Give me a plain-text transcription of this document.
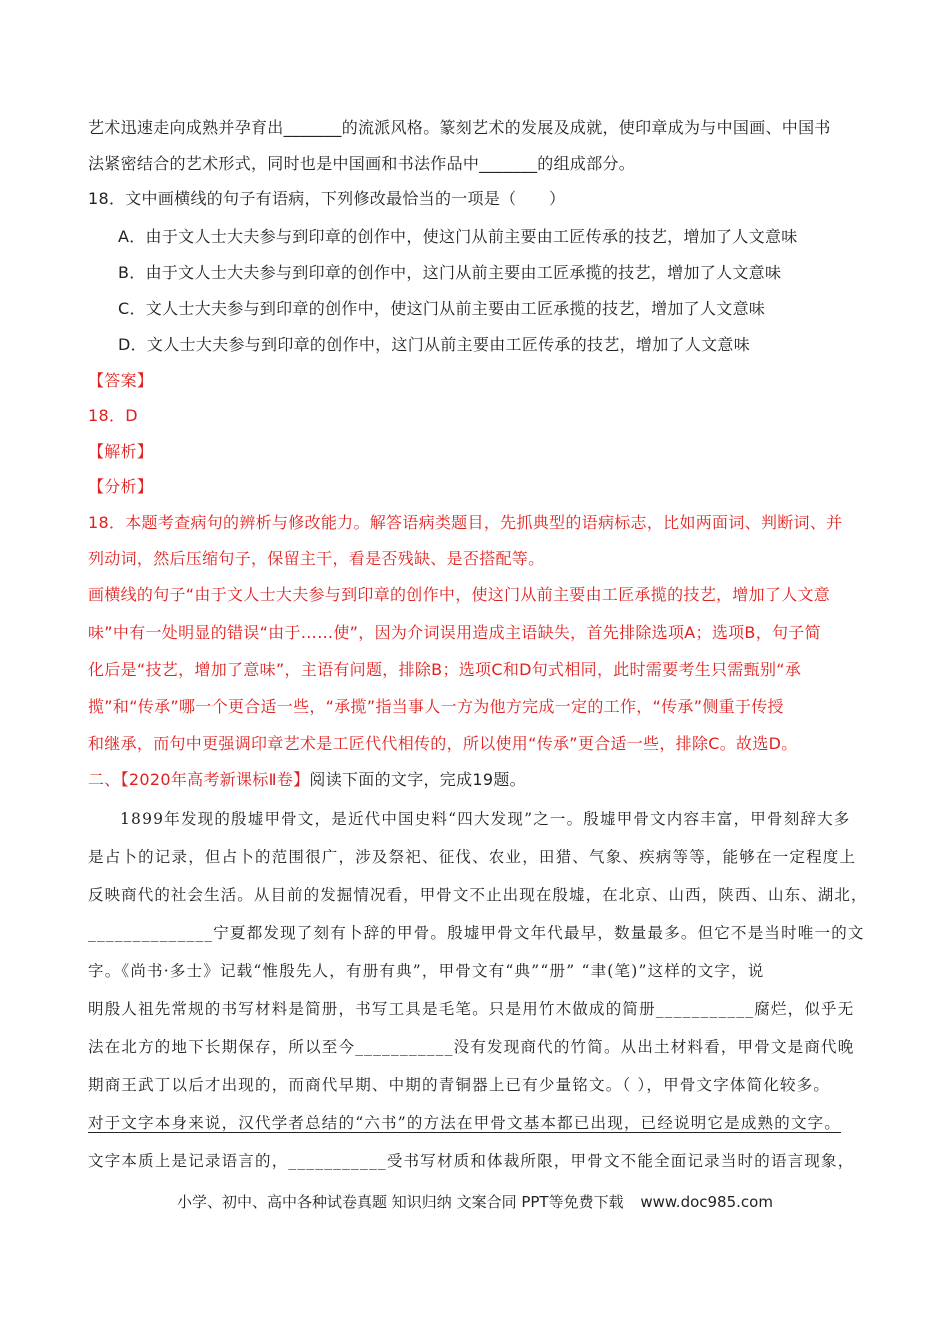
艺术迅速走向成熟并孕育出_______的流派风格。篆刻艺术的发展及成就，使印章成为与中国画、中国书
法紧密结合的艺术形式，同时也是中国画和书法作品中_______的组成部分。
18．文中画横线的句子有语病，下列修改最恰当的一项是（　　）
A．由于文人士大夫参与到印章的创作中，使这门从前主要由工匠传承的技艺，增加了人文意味
B．由于文人士大夫参与到印章的创作中，这门从前主要由工匠承揽的技艺，增加了人文意味
C．文人士大夫参与到印章的创作中，使这门从前主要由工匠承揽的技艺，增加了人文意味
D．文人士大夫参与到印章的创作中，这门从前主要由工匠传承的技艺，增加了人文意味
【答案】
18．D
【解析】
【分析】
18．本题考查病句的辨析与修改能力。解答语病类题目，先抓典型的语病标志，比如两面词、判断词、并
列动词，然后压缩句子，保留主干，看是否残缺、是否搭配等。
画横线的句子“由于文人士大夫参与到印章的创作中，使这门从前主要由工匠承揽的技艺，增加了人文意
味”中有一处明显的错误“由于……使”，因为介词误用造成主语缺失，首先排除选项A；选项B，句子简
化后是“技艺，增加了意味”，主语有问题，排除B；选项C和D句式相同，此时需要考生只需甄别“承
揽”和“传承”哪一个更合适一些，“承揽”指当事人一方为他方完成一定的工作，“传承”侧重于传授
和继承，而句中更强调印章艺术是工匠代代相传的，所以使用“传承”更合适一些，排除C。故选D。
二、【2020年高考新课标Ⅱ卷】阅读下面的文字，完成19题。
1899年发现的殷墟甲骨文，是近代中国史料“四大发现”之一。殷墟甲骨文内容丰富，甲骨刻辞大多
是占卜的记录，但占卜的范围很广，涉及祭祀、征伐、农业，田猎、气象、疾病等等，能够在一定程度上
反映商代的社会生活。从目前的发掘情况看，甲骨文不止出现在殷墟，在北京、山西，陕西、山东、湖北，
______________宁夏都发现了刻有卜辞的甲骨。殷墟甲骨文年代最早，数量最多。但它不是当时唯一的文
字。《尚书·多士》记载“惟殷先人，有册有典”，甲骨文有“典”“册” “聿(笔)”这样的文字，说
明殷人祖先常规的书写材料是简册，书写工具是毛笔。只是用竹木做成的简册___________腐烂，似乎无
法在北方的地下长期保存，所以至今___________没有发现商代的竹简。从出土材料看，甲骨文是商代晚
期商王武丁以后才出现的，而商代早期、中期的青铜器上已有少量铭文。（ ），甲骨文字体简化较多。
对于文字本身来说，汉代学者总结的“六书”的方法在甲骨文基本都已出现，已经说明它是成熟的文字。
文字本质上是记录语言的，___________受书写材质和体裁所限，甲骨文不能全面记录当时的语言现象，
小学、初中、高中各种试卷真题 知识归纳 文案合同 PPT等免费下载 www.doc985.com
